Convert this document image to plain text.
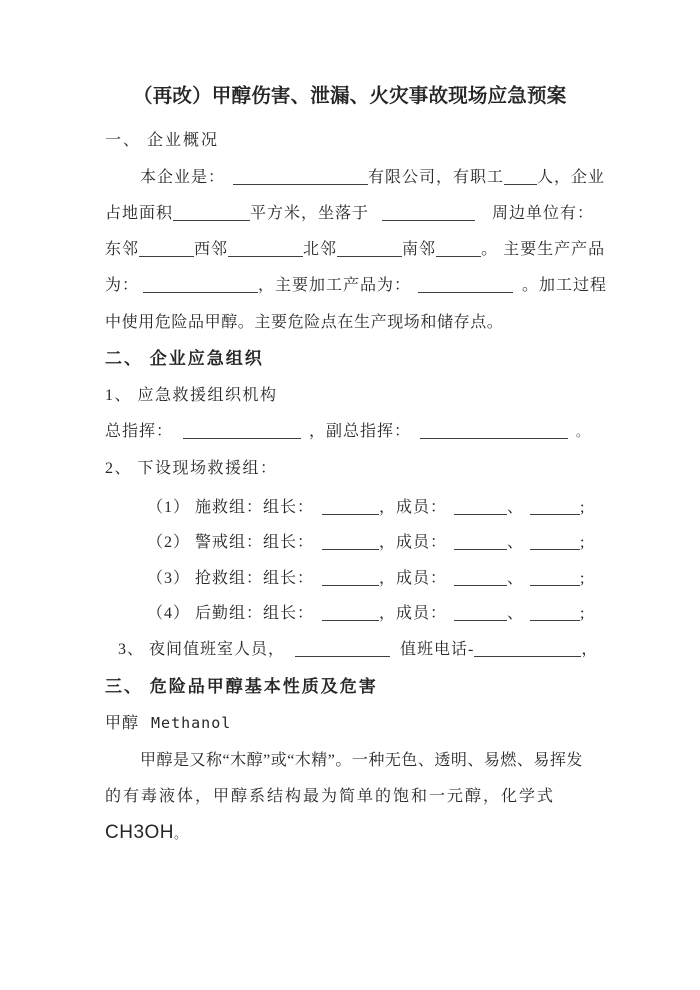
（再改）甲醇伤害、泄漏、火灾事故现场应急预案
一、 企业概况
本企业是：	有限公司，有职工 人，企业
占地面积	平方米，坐落于	周边单位有：
东邻	西邻	北邻	南邻	。 主要生产产品
为：	，主要加工产品为：	。加工过程
中使用危险品甲醇。主要危险点在生产现场和储存点。
二、 企业应急组织
1、 应急救援组织机构
总指挥：	，副总指挥：	。
2、 下设现场救援组：
（1） 施救组：组长：	，成员：	、	;
（2） 警戒组：组长：	，成员：	、	;
（3） 抢救组：组长：	，成员：	、	;
（4） 后勤组：组长：	，成员：	、	;
3、 夜间值班室人员，	值班电话-	，
三、 危险品甲醇基本性质及危害
甲醇 Methanol
甲醇是又称“木醇”或“木精”。一种无色、透明、易燃、易挥发
的有毒液体，甲醇系结构最为简单的饱和一元醇，化学式
CH3OH。
